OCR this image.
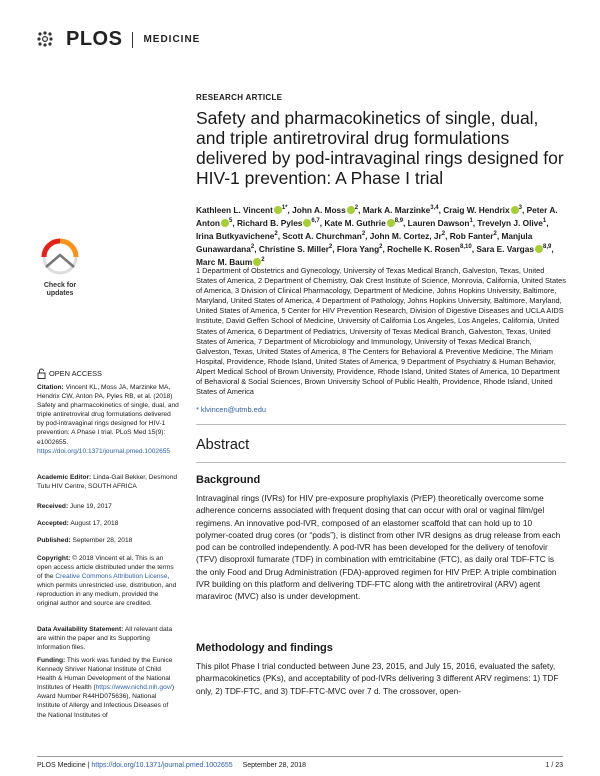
PLOS MEDICINE
Check for
updates
RESEARCH ARTICLE
Safety and pharmacokinetics of single, dual, and triple antiretroviral drug formulations delivered by pod-intravaginal rings designed for HIV-1 prevention: A Phase I trial
Kathleen L. Vincent $^{1*}$, John A. Moss $^2$, Mark A. Marzinke$^{3,4}$, Craig W. Hendrix $^3$, Peter A. Anton $^5$, Richard B. Pyles $^{6,7}$, Kate M. Guthrie $^{8,9}$, Lauren Dawson$^1$, Trevelyn J. Olive$^1$, Irina Butkyavichene$^2$, Scott A. Churchman$^2$, John M. Cortez, Jr$^2$, Rob Fanter$^2$, Manjula Gunawardana$^2$, Christine S. Miller$^2$, Flora Yang$^2$, Rochelle K. Rosen$^{8,10}$, Sara E. Vargas $^{8,9}$, Marc M. Baum $^2$
1 Department of Obstetrics and Gynecology, University of Texas Medical Branch, Galveston, Texas, United States of America, 2 Department of Chemistry, Oak Crest Institute of Science, Monrovia, California, United States of America, 3 Division of Clinical Pharmacology, Department of Medicine, Johns Hopkins University, Baltimore, Maryland, United States of America, 4 Department of Pathology, Johns Hopkins University, Baltimore, Maryland, United States of America, 5 Center for HIV Prevention Research, Division of Digestive Diseases and UCLA AIDS Institute, David Geffen School of Medicine, University of California Los Angeles, Los Angeles, California, United States of America, 6 Department of Pediatrics, University of Texas Medical Branch, Galveston, Texas, United States of America, 7 Department of Microbiology and Immunology, University of Texas Medical Branch, Galveston, Texas, United States of America, 8 The Centers for Behavioral & Preventive Medicine, The Miriam Hospital, Providence, Rhode Island, United States of America, 9 Department of Psychiatry & Human Behavior, Alpert Medical School of Brown University, Providence, Rhode Island, United States of America, 10 Department of Behavioral & Social Sciences, Brown University School of Public Health, Providence, Rhode Island, United States of America
* klvincen@utmb.edu
Abstract
Background
Intravaginal rings (IVRs) for HIV pre-exposure prophylaxis (PrEP) theoretically overcome some adherence concerns associated with frequent dosing that can occur with oral or vaginal film/gel regimens. An innovative pod-IVR, composed of an elastomer scaffold that can hold up to 10 polymer-coated drug cores (or “pods”), is distinct from other IVR designs as drug release from each pod can be controlled independently. A pod-IVR has been developed for the delivery of tenofovir (TFV) disoproxil fumarate (TDF) in combination with emtricitabine (FTC), as daily oral TDF-FTC is the only Food and Drug Administration (FDA)-approved regimen for HIV PrEP. A triple combination IVR building on this platform and delivering TDF-FTC along with the antiretroviral (ARV) agent maraviroc (MVC) also is under development.
Methodology and findings
This pilot Phase I trial conducted between June 23, 2015, and July 15, 2016, evaluated the safety, pharmacokinetics (PKs), and acceptability of pod-IVRs delivering 3 different ARV regimens: 1) TDF only, 2) TDF-FTC, and 3) TDF-FTC-MVC over 7 d. The crossover, open-
OPEN ACCESS
Citation: Vincent KL, Moss JA, Marzinke MA, Hendrix CW, Anton PA, Pyles RB, et al. (2018) Safety and pharmacokinetics of single, dual, and triple antiretroviral drug formulations delivered by pod-intravaginal rings designed for HIV-1 prevention: A Phase I trial. PLoS Med 15(9): e1002655. https://doi.org/10.1371/journal.pmed.1002655
Academic Editor: Linda-Gail Bekker, Desmond Tutu HIV Centre, SOUTH AFRICA
Received: June 19, 2017
Accepted: August 17, 2018
Published: September 28, 2018
Copyright: © 2018 Vincent et al. This is an open access article distributed under the terms of the Creative Commons Attribution License, which permits unrestricted use, distribution, and reproduction in any medium, provided the original author and source are credited.
Data Availability Statement: All relevant data are within the paper and its Supporting Information files.
Funding: This work was funded by the Eunice Kennedy Shriver National Institute of Child Health & Human Development of the National Institutes of Health (https://www.nichd.nih.gov/) Award Number R44HD075636), National Institute of Allergy and Infectious Diseases of the National Institutes of
PLOS Medicine | https://doi.org/10.1371/journal.pmed.1002655 September 28, 2018	1 / 23
